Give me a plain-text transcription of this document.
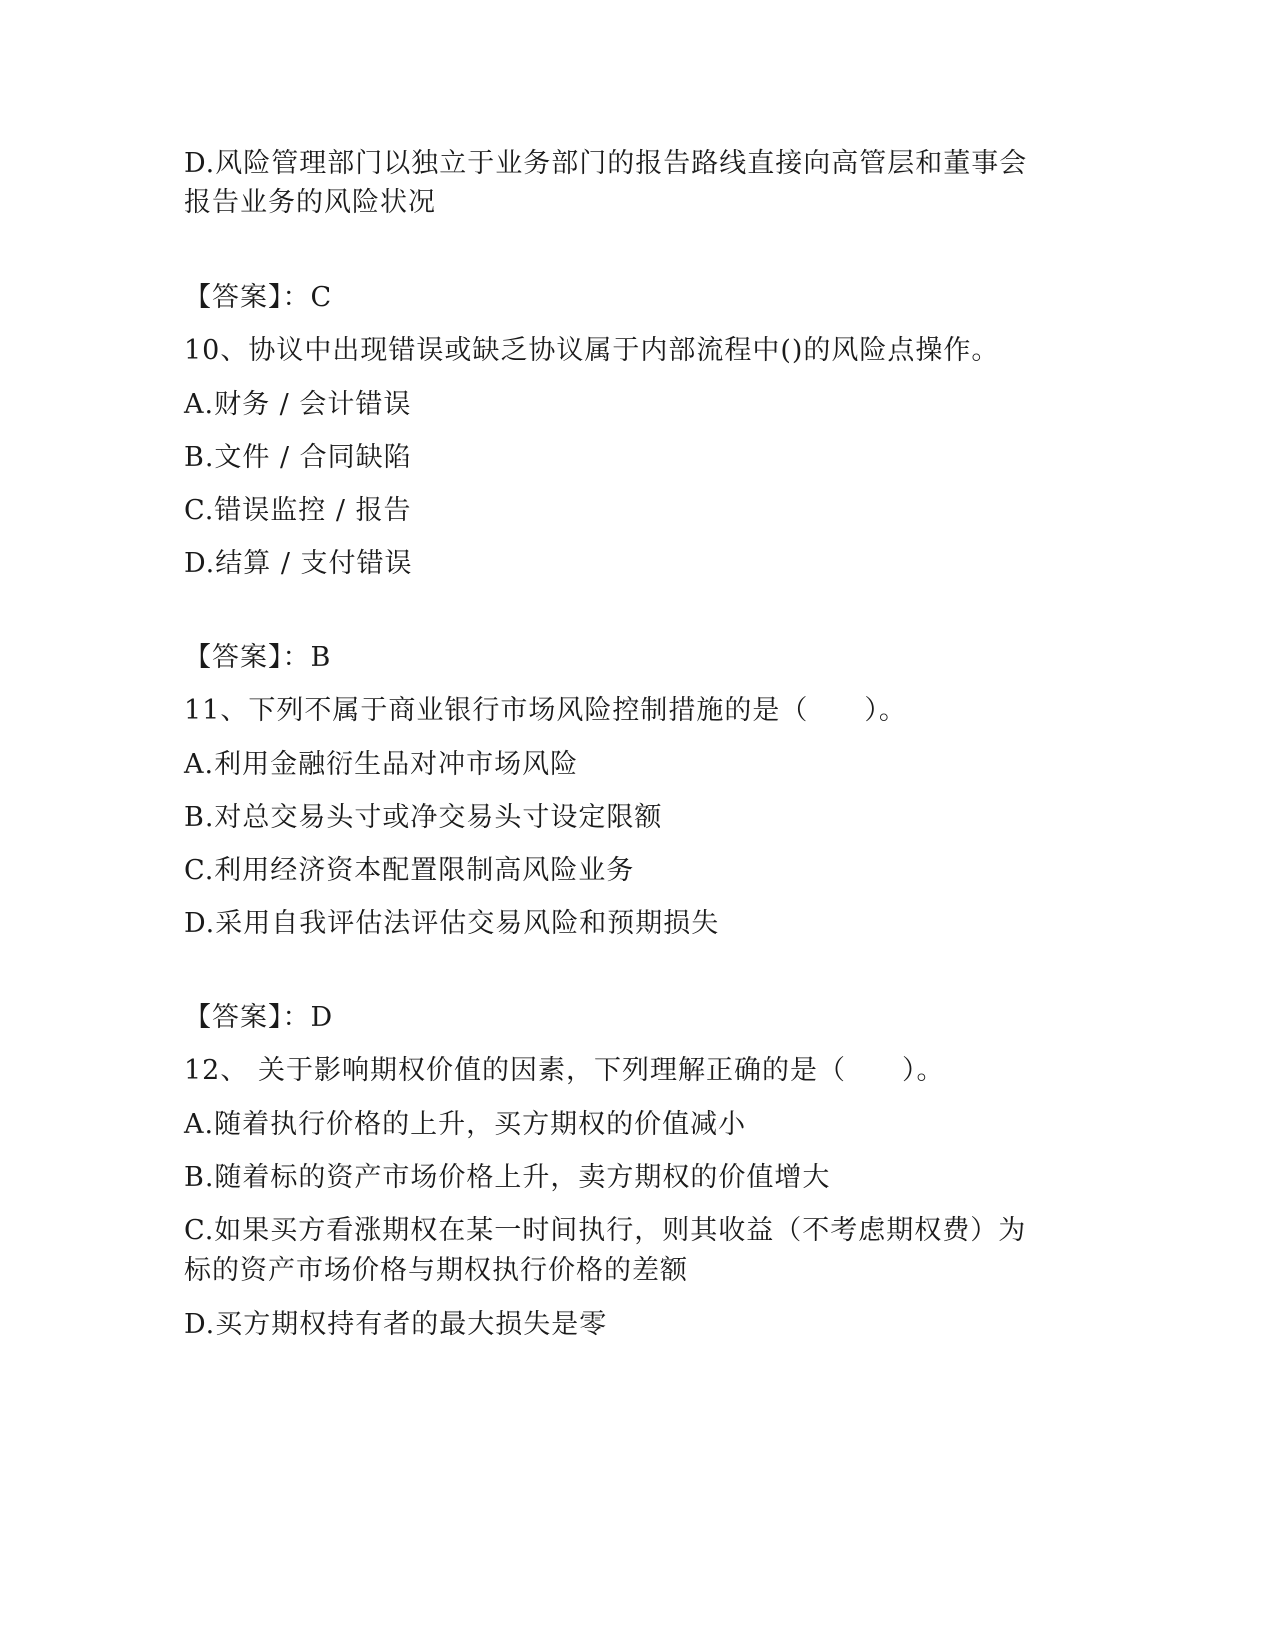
D.风险管理部门以独立于业务部门的报告路线直接向高管层和董事会
报告业务的风险状况
【答案】：C
10、协议中出现错误或缺乏协议属于内部流程中()的风险点操作。
A.财务 / 会计错误
B.文件 / 合同缺陷
C.错误监控 / 报告
D.结算 / 支付错误
【答案】：B
11、下列不属于商业银行市场风险控制措施的是（　　）。
A.利用金融衍生品对冲市场风险
B.对总交易头寸或净交易头寸设定限额
C.利用经济资本配置限制高风险业务
D.采用自我评估法评估交易风险和预期损失
【答案】：D
12、 关于影响期权价值的因素，下列理解正确的是（　　）。
A.随着执行价格的上升，买方期权的价值减小
B.随着标的资产市场价格上升，卖方期权的价值增大
C.如果买方看涨期权在某一时间执行，则其收益（不考虑期权费）为
标的资产市场价格与期权执行价格的差额
D.买方期权持有者的最大损失是零
